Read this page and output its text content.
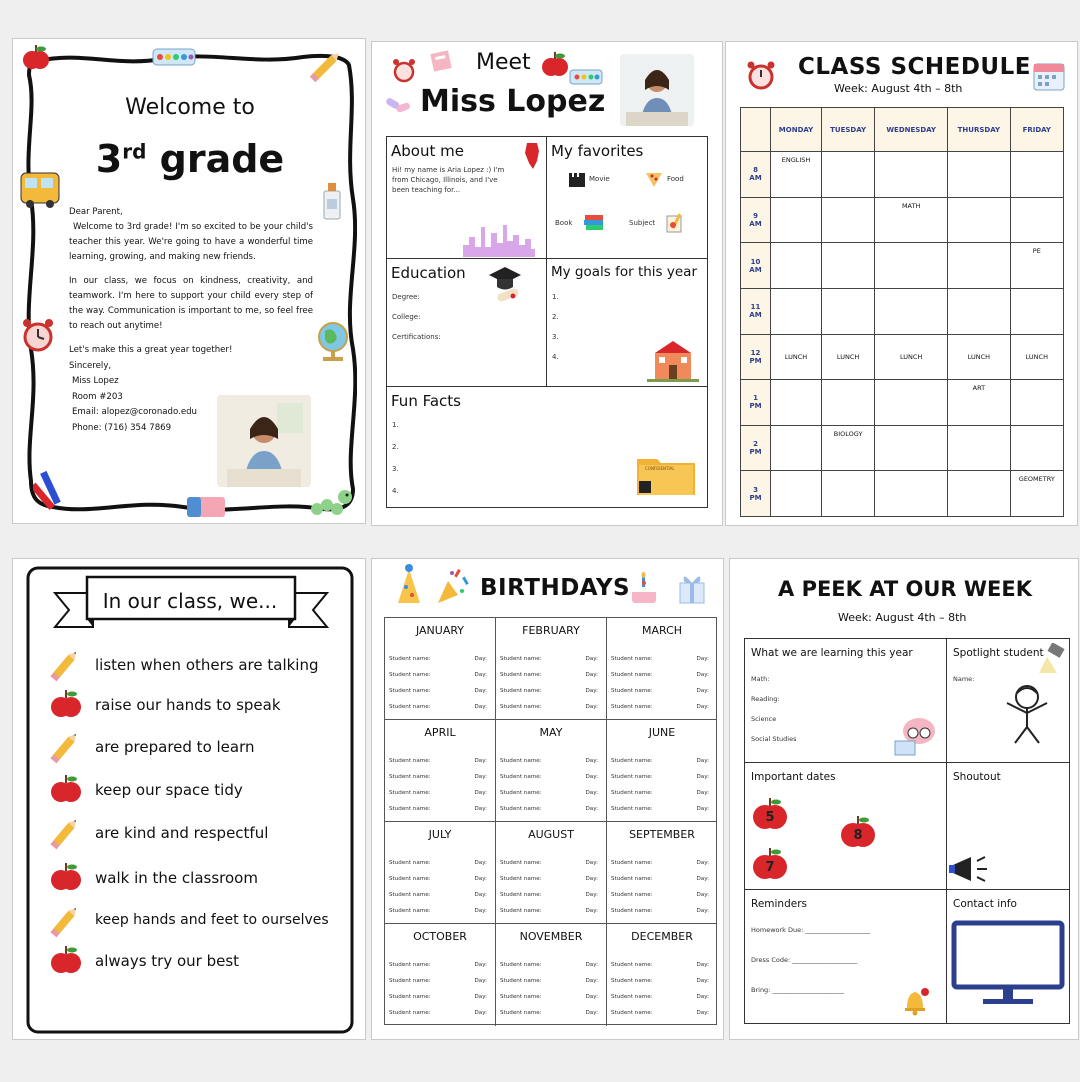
Welcome to
3rd grade

Dear Parent,

Welcome to 3rd grade! I'm so excited to be your child's teacher this year. We're going to have a wonderful time learning, growing, and making new friends.

In our class, we focus on kindness, creativity, and teamwork. I'm here to support your child every step of the way. Communication is important to me, so feel free to reach out anytime!

Let's make this a great year together!
Sincerely,
Miss Lopez
Room #203
Email: alopez@coronado.edu
Phone: (716) 354 7869
Meet
Miss Lopez
About me
Hi! my name is Aria Lopez :) I'm from Chicago, Illinois, and I've been teaching for...
My favorites
Movie	Food
Book	Subject
Education
Degree:
College:
Certifications:
My goals for this year
1.
2.
3.
4.
Fun Facts
1.
2.
3.
4.
CONFIDENTIAL
CLASS SCHEDULE
Week: August 4th – 8th
	MONDAY	TUESDAY	WEDNESDAY	THURSDAY	FRIDAY

8
AM	ENGLISH				

9
AM			MATH		

10
AM					PE

11
AM					

12
PM	LUNCH	LUNCH	LUNCH	LUNCH	LUNCH

1
PM				ART	

2
PM		BIOLOGY			

3
PM					GEOMETRY
In our class, we...
listen when others are talking
raise our hands to speak
are prepared to learn
keep our space tidy
are kind and respectful
walk in the classroom
keep hands and feet to ourselves
always try our best
BIRTHDAYS
JANUARY
Student name:	Day:
Student name:	Day:
Student name:	Day:
Student name:	Day:
FEBRUARY
Student name:	Day:
Student name:	Day:
Student name:	Day:
Student name:	Day:
MARCH
Student name:	Day:
Student name:	Day:
Student name:	Day:
Student name:	Day:
APRIL
Student name:	Day:
Student name:	Day:
Student name:	Day:
Student name:	Day:
MAY
Student name:	Day:
Student name:	Day:
Student name:	Day:
Student name:	Day:
JUNE
Student name:	Day:
Student name:	Day:
Student name:	Day:
Student name:	Day:
JULY
Student name:	Day:
Student name:	Day:
Student name:	Day:
Student name:	Day:
AUGUST
Student name:	Day:
Student name:	Day:
Student name:	Day:
Student name:	Day:
SEPTEMBER
Student name:	Day:
Student name:	Day:
Student name:	Day:
Student name:	Day:
OCTOBER
Student name:	Day:
Student name:	Day:
Student name:	Day:
Student name:	Day:
NOVEMBER
Student name:	Day:
Student name:	Day:
Student name:	Day:
Student name:	Day:
DECEMBER
Student name:	Day:
Student name:	Day:
Student name:	Day:
Student name:	Day:
A PEEK AT OUR WEEK
Week: August 4th – 8th
What we are learning this year
Math:
Reading:
Science
Social Studies
Spotlight student
Name:
Important dates
5
8
7
Shoutout
Reminders
Homework Due: ____________________
Dress Code: ____________________
Bring: ______________________
Contact info
